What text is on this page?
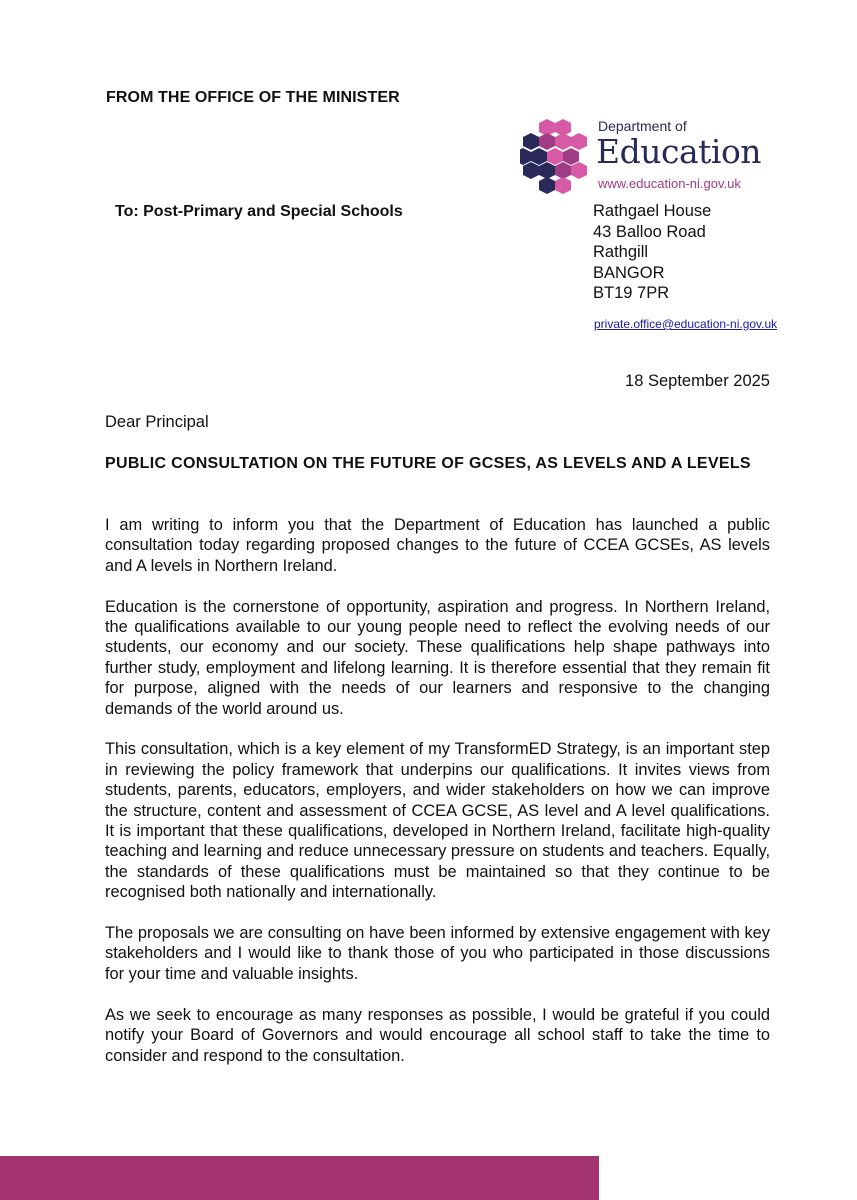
FROM THE OFFICE OF THE MINISTER
Department of
Education
www.education-ni.gov.uk
To: Post-Primary and Special Schools	Rathgael House
43 Balloo Road
Rathgill
BANGOR
BT19 7PR
private.office@education-ni.gov.uk
18 September 2025
Dear Principal
PUBLIC CONSULTATION ON THE FUTURE OF GCSES, AS LEVELS AND A LEVELS

I am writing to inform you that the Department of Education has launched a public consultation today regarding proposed changes to the future of CCEA GCSEs, AS levels and A levels in Northern Ireland.

Education is the cornerstone of opportunity, aspiration and progress. In Northern Ireland, the qualifications available to our young people need to reflect the evolving needs of our students, our economy and our society. These qualifications help shape pathways into further study, employment and lifelong learning. It is therefore essential that they remain fit for purpose, aligned with the needs of our learners and responsive to the changing demands of the world around us.

This consultation, which is a key element of my TransformED Strategy, is an important step in reviewing the policy framework that underpins our qualifications. It invites views from students, parents, educators, employers, and wider stakeholders on how we can improve the structure, content and assessment of CCEA GCSE, AS level and A level qualifications. It is important that these qualifications, developed in Northern Ireland, facilitate high-quality teaching and learning and reduce unnecessary pressure on students and teachers. Equally, the standards of these qualifications must be maintained so that they continue to be recognised both nationally and internationally.

The proposals we are consulting on have been informed by extensive engagement with key stakeholders and I would like to thank those of you who participated in those discussions for your time and valuable insights.

As we seek to encourage as many responses as possible, I would be grateful if you could notify your Board of Governors and would encourage all school staff to take the time to consider and respond to the consultation.
